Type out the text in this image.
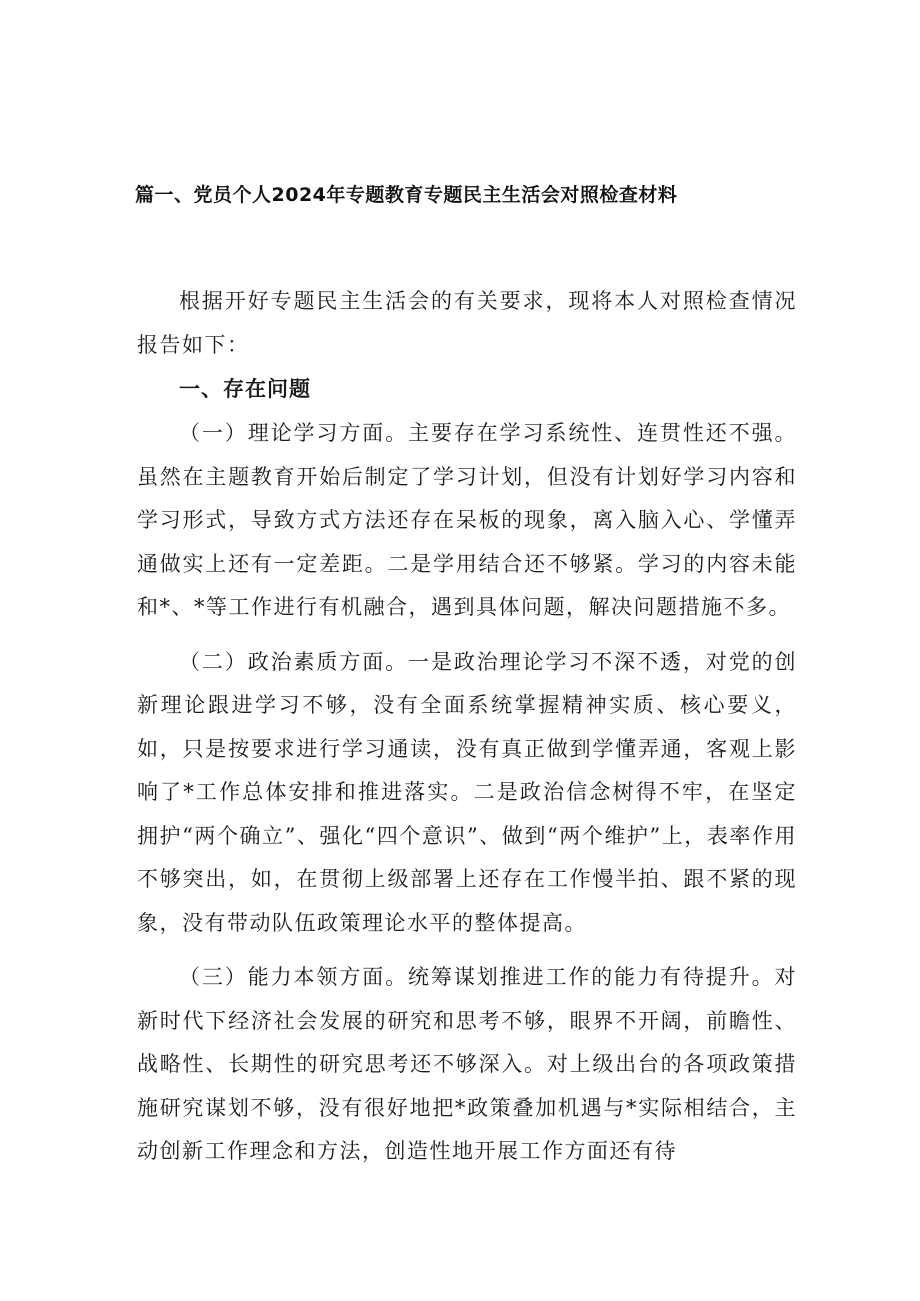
篇一、党员个人2024年专题教育专题民主生活会对照检查材料

根据开好专题民主生活会的有关要求，现将本人对照检查情况报告如下：

一、存在问题

（一）理论学习方面。主要存在学习系统性、连贯性还不强。虽然在主题教育开始后制定了学习计划，但没有计划好学习内容和学习形式，导致方式方法还存在呆板的现象，离入脑入心、学懂弄通做实上还有一定差距。二是学用结合还不够紧。学习的内容未能和*、*等工作进行有机融合，遇到具体问题，解决问题措施不多。

（二）政治素质方面。一是政治理论学习不深不透，对党的创新理论跟进学习不够，没有全面系统掌握精神实质、核心要义，如，只是按要求进行学习通读，没有真正做到学懂弄通，客观上影响了*工作总体安排和推进落实。二是政治信念树得不牢，在坚定拥护“两个确立”、强化“四个意识”、做到“两个维护”上，表率作用不够突出，如，在贯彻上级部署上还存在工作慢半拍、跟不紧的现象，没有带动队伍政策理论水平的整体提高。

（三）能力本领方面。统筹谋划推进工作的能力有待提升。对新时代下经济社会发展的研究和思考不够，眼界不开阔，前瞻性、战略性、长期性的研究思考还不够深入。对上级出台的各项政策措施研究谋划不够，没有很好地把*政策叠加机遇与*实际相结合，主动创新工作理念和方法，创造性地开展工作方面还有待
